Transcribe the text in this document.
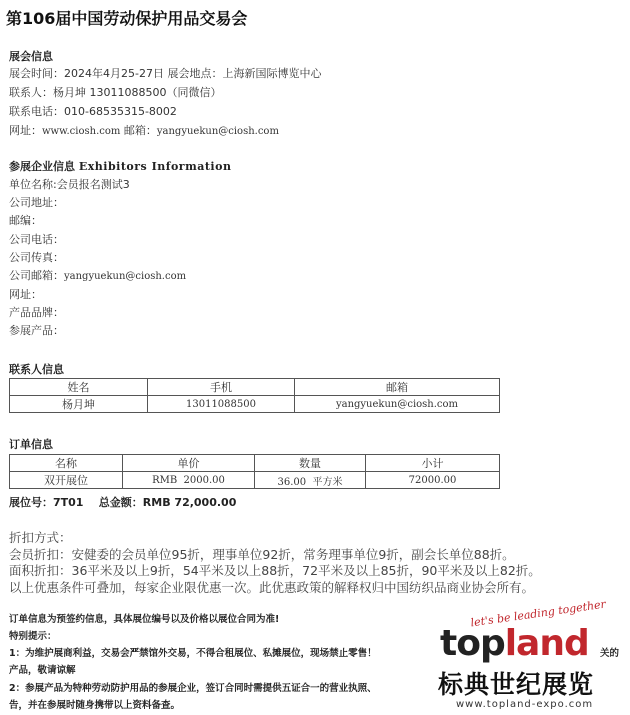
第106届中国劳动保护用品交易会
展会信息
展会时间：2024年4月25-27日 展会地点：上海新国际博览中心
联系人：杨月坤 13011088500（同微信）
联系电话：010-68535315-8002
网址：www.ciosh.com 邮箱：yangyuekun@ciosh.com
参展企业信息 Exhibitors Information
单位名称:会员报名测试3
公司地址：
邮编：
公司电话：
公司传真：
公司邮箱：yangyuekun@ciosh.com
网址：
产品品牌：
参展产品：
联系人信息
姓名	手机	邮箱
杨月坤	13011088500	yangyuekun@ciosh.com
订单信息
名称	单价	数量	小计
双开展位	RMB  2000.00	36.00  平方米	72000.00
展位号：7T01    总金额：RMB 72,000.00
折扣方式：
会员折扣：安健委的会员单位95折，理事单位92折，常务理事单位9折，副会长单位88折。
面积折扣：36平米及以上9折，54平米及以上88折，72平米及以上85折，90平米及以上82折。
以上优惠条件可叠加，每家企业限优惠一次。此优惠政策的解释权归中国纺织品商业协会所有。
订单信息为预签约信息，具体展位编号以及价格以展位合同为准!
特别提示：
1：为维护展商利益，交易会严禁馆外交易，不得合租展位、私摊展位，现场禁止零售！	关的
产品，敬请谅解
2：参展产品为特种劳动防护用品的参展企业，签订合同时需提供五证合一的营业执照、
告，并在参展时随身携带以上资料备查。
let's be leading together
topland
标典世纪展览
www.topland-expo.com
